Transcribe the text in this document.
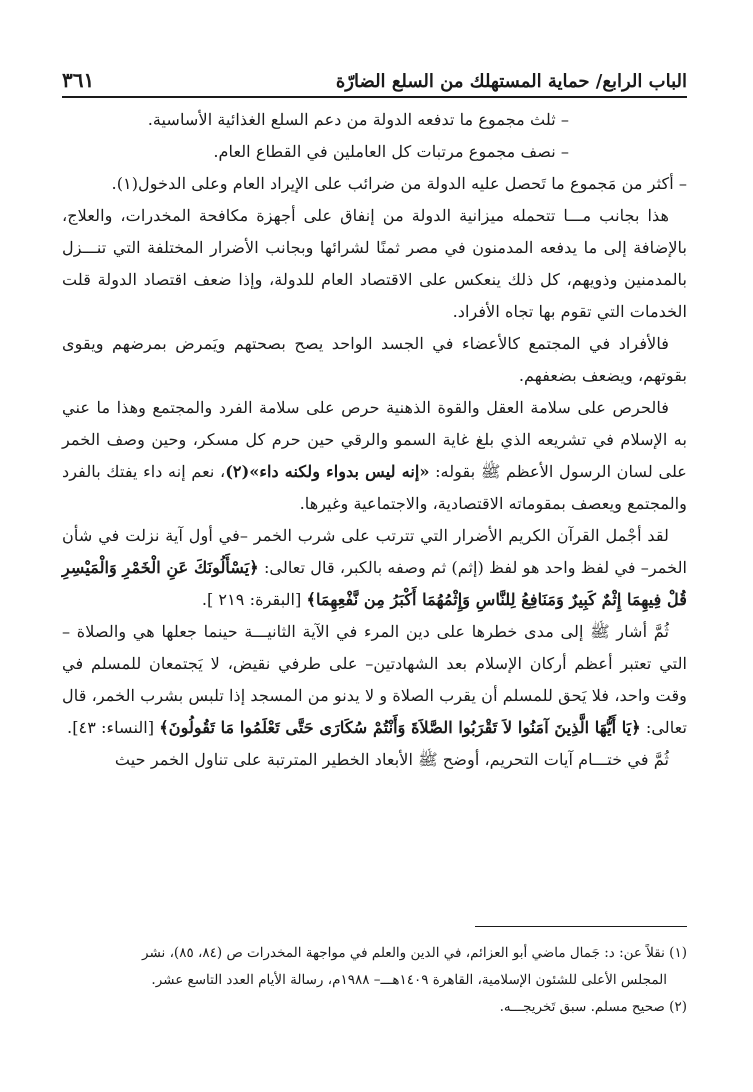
الباب الرابع/ حماية المستهلك من السلع الضارّة
٣٦١

– ثلث مجموع ما تدفعه الدولة من دعم السلع الغذائية الأساسية.

– نصف مجموع مرتبات كل العاملين في القطاع العام.

– أكثر من مَجموع ما تَحصل عليه الدولة من ضرائب على الإيراد العام وعلى الدخول(١).

هذا بجانب مـــا تتحمله ميزانية الدولة من إنفاق على أجهزة مكافحة المخدرات، والعلاج، بالإضافة إلى ما يدفعه المدمنون في مصر ثمنًا لشرائها وبجانب الأضرار المختلفة التي تنـــزل بالمدمنين وذويهم، كل ذلك ينعكس على الاقتصاد العام للدولة، وإذا ضعف اقتصاد الدولة قلت الخدمات التي تقوم بها تجاه الأفراد.

فالأفراد في المجتمع كالأعضاء في الجسد الواحد يصح بصحتهم ويَمرض بمرضهم ويقوى بقوتهم، ويضعف بضعفهم.

فالحرص على سلامة العقل والقوة الذهنية حرص على سلامة الفرد والمجتمع وهذا ما عني به الإسلام في تشريعه الذي بلغ غاية السمو والرقي حين حرم كل مسكر، وحين وصف الخمر على لسان الرسول الأعظم ﷺ بقوله: «إنه ليس بدواء ولكنه داء»(٢)، نعم إنه داء يفتك بالفرد والمجتمع ويعصف بمقوماته الاقتصادية، والاجتماعية وغيرها.

لقد أجْمل القرآن الكريم الأضرار التي تترتب على شرب الخمر –في أول آية نزلت في شأن الخمر– في لفظ واحد هو لفظ (إثم) ثم وصفه بالكبر، قال تعالى: ﴿يَسْأَلُونَكَ عَنِ الْخَمْرِ وَالْمَيْسِرِ قُلْ فِيهِمَا إِثْمٌ كَبِيرٌ وَمَنَافِعُ لِلنَّاسِ وَإِثْمُهُمَا أَكْبَرُ مِن نَّفْعِهِمَا﴾ [البقرة: ٢١٩ ].

ثُمَّ أشار ﷺ إلى مدى خطرها على دين المرء في الآية الثانيـــة حينما جعلها هي والصلاة –التي تعتبر أعظم أركان الإسلام بعد الشهادتين– على طرفي نقيض، لا يَجتمعان للمسلم في وقت واحد، فلا يَحق للمسلم أن يقرب الصلاة و لا يدنو من المسجد إذا تلبس بشرب الخمر، قال تعالى: ﴿يَا أَيُّهَا الَّذِينَ آمَنُوا لاَ تَقْرَبُوا الصَّلاَةَ وَأَنْتُمْ سُكَارَى حَتَّى تَعْلَمُوا مَا تَقُولُونَ﴾ [النساء: ٤٣].

ثُمَّ في ختـــام آيات التحريم، أوضح ﷺ الأبعاد الخطير المترتبة على تناول الخمر حيث

(١) نقلاً عن: د: جَمال ماضي أبو العزائم، في الدين والعلم في مواجهة المخدرات ص (٨٤، ٨٥)، نشر

المجلس الأعلى للشئون الإسلامية، القاهرة ١٤٠٩هـــ– ١٩٨٨م، رسالة الأيام العدد التاسع عشر.

(٢) صحيح مسلم. سبق تَخريجـــه.
